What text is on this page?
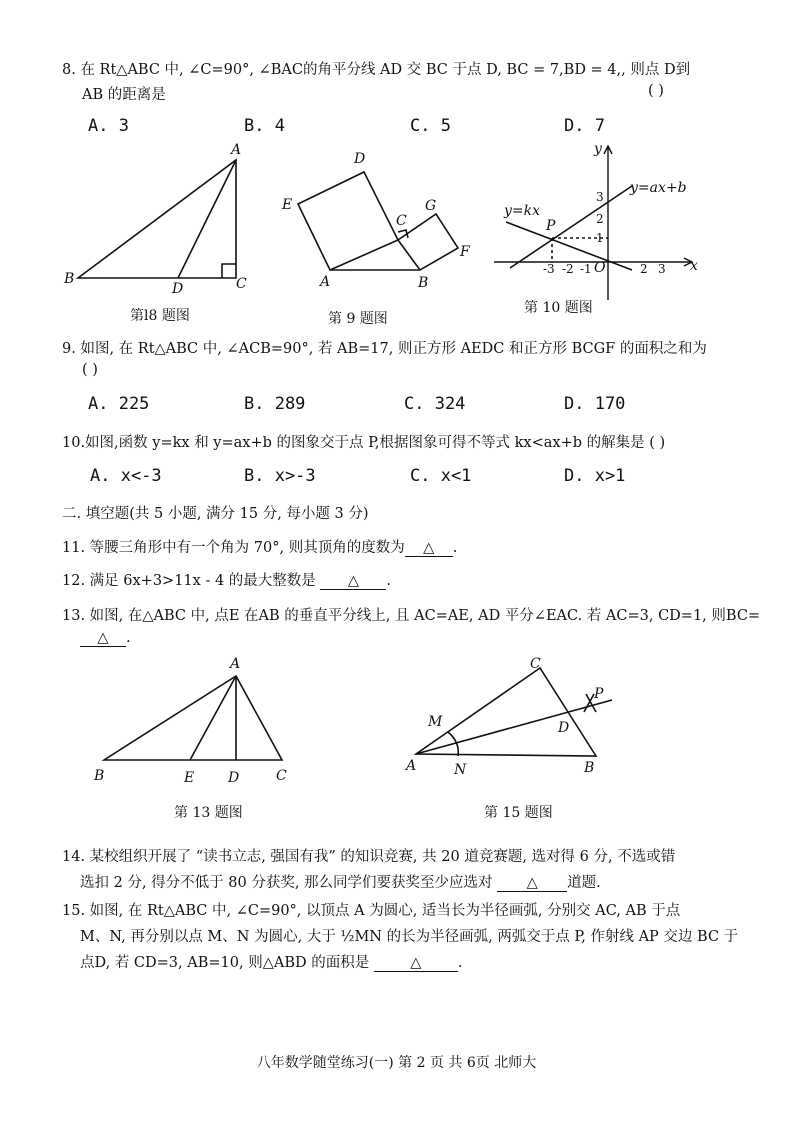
8. 在 Rt△ABC 中, ∠C=90°, ∠BAC的角平分线 AD 交 BC 于点 D, BC = 7,BD = 4,, 则点 D到
AB 的距离是	( )
A. 3	B. 4	C. 5	D. 7
A
B	C
D
D
E
C
G
F
A	B
y
x
y=ax+b
y=kx
P
O
3
2
1
-3 -2 -1	2 3
A
B	E D	C
C
P
M	D
A	N	B
第l8 题图	第 9 题图
第 10 题图
9. 如图, 在 Rt△ABC 中, ∠ACB=90°, 若 AB=17, 则正方形 AEDC 和正方形 BCGF 的面积之和为
( )
A. 225	B. 289	C. 324	D. 170
10.如图,函数 y=kx 和 y=ax+b 的图象交于点 P,根据图象可得不等式 kx<ax+b 的解集是 ( )
A. x<-3	B. x>-3	C. x<1	D. x>1
二. 填空题(共 5 小题, 满分 15 分, 每小题 3 分)
11. 等腰三角形中有一个角为 70°, 则其顶角的度数为 △ .
12. 满足 6x+3>11x - 4 的最大整数是 △ .
13. 如图, 在△ABC 中, 点E 在AB 的垂直平分线上, 且 AC=AE, AD 平分∠EAC. 若 AC=3, CD=1, 则BC=
△ .
第 13 题图	第 15 题图
14. 某校组织开展了 “读书立志, 强国有我” 的知识竞赛, 共 20 道竞赛题, 选对得 6 分, 不选或错
选扣 2 分, 得分不低于 80 分获奖, 那么同学们要获奖至少应选对 △ 道题.
15. 如图, 在 Rt△ABC 中, ∠C=90°, 以顶点 A 为圆心, 适当长为半径画弧, 分别交 AC, AB 于点
M、N, 再分别以点 M、N 为圆心, 大于 ½MN 的长为半径画弧, 两弧交于点 P, 作射线 AP 交边 BC 于
点D, 若 CD=3, AB=10, 则△ABD 的面积是	△	.
八年数学随堂练习(一) 第 2 页 共 6页 北师大
